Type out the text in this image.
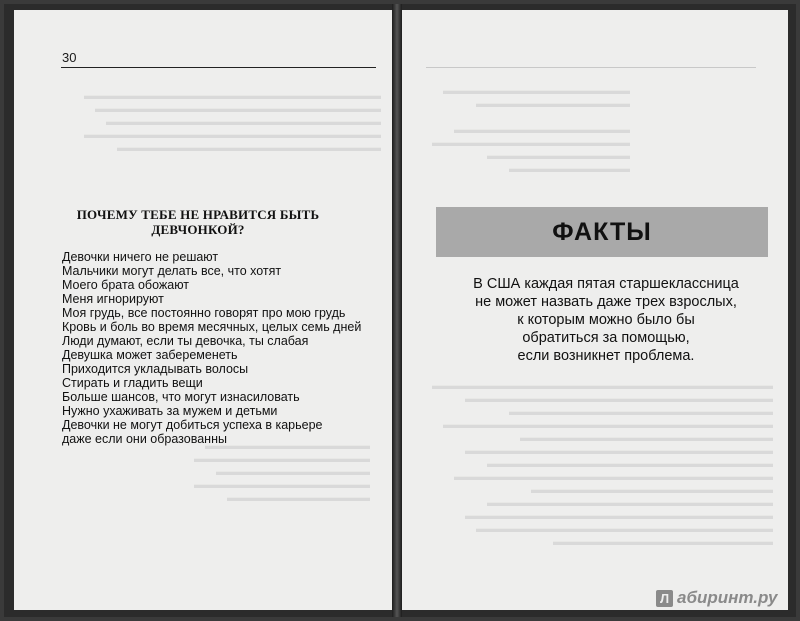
▬▬▬▬▬▬▬▬▬▬▬▬▬▬▬▬▬▬▬▬▬▬▬▬▬▬▬
▬▬▬▬▬▬▬▬▬▬▬▬▬▬▬▬▬▬▬▬▬▬▬▬▬▬
▬▬▬▬▬▬▬▬▬▬▬▬▬▬▬▬▬▬▬▬▬▬▬▬▬
▬▬▬▬▬▬▬▬▬▬▬▬▬▬▬▬▬▬▬▬▬▬▬▬▬▬▬
▬▬▬▬▬▬▬▬▬▬▬▬▬▬▬▬▬▬▬▬▬▬▬▬
30
ПОЧЕМУ ТЕБЕ НЕ НРАВИТСЯ БЫТЬ ДЕВЧОНКОЙ?
Девочки ничего не решают
Мальчики могут делать все, что хотят
Моего брата обожают
Меня игнорируют
Моя грудь, все постоянно говорят про мою грудь
Кровь и боль во время месячных, целых семь дней
Люди думают, если ты девочка, ты слабая
Девушка может забеременеть
Приходится укладывать волосы
Стирать и гладить вещи
Больше шансов, что могут изнасиловать
Нужно ухаживать за мужем и детьми
Девочки не могут добиться успеха в карьере
даже если они образованны
▬▬▬▬▬▬▬▬▬▬▬▬▬▬▬
▬▬▬▬▬▬▬▬▬▬▬▬▬▬▬▬
▬▬▬▬▬▬▬▬▬▬▬▬▬▬
▬▬▬▬▬▬▬▬▬▬▬▬▬▬▬▬
▬▬▬▬▬▬▬▬▬▬▬▬▬
▬▬▬▬▬▬▬▬▬▬▬▬▬▬▬▬▬
▬▬▬▬▬▬▬▬▬▬▬▬▬▬

▬▬▬▬▬▬▬▬▬▬▬▬▬▬▬▬
▬▬▬▬▬▬▬▬▬▬▬▬▬▬▬▬▬▬
▬▬▬▬▬▬▬▬▬▬▬▬▬
▬▬▬▬▬▬▬▬▬▬▬
ФАКТЫ
В США каждая пятая старшеклассница
не может назвать даже трех взрослых,
к которым можно было бы
обратиться за помощью,
если возникнет проблема.
▬▬▬▬▬▬▬▬▬▬▬▬▬▬▬▬▬▬▬▬▬▬▬▬▬▬▬▬▬▬▬
▬▬▬▬▬▬▬▬▬▬▬▬▬▬▬▬▬▬▬▬▬▬▬▬▬▬▬▬
▬▬▬▬▬▬▬▬▬▬▬▬▬▬▬▬▬▬▬▬▬▬▬▬
▬▬▬▬▬▬▬▬▬▬▬▬▬▬▬▬▬▬▬▬▬▬▬▬▬▬▬▬▬▬
▬▬▬▬▬▬▬▬▬▬▬▬▬▬▬▬▬▬▬▬▬▬▬
▬▬▬▬▬▬▬▬▬▬▬▬▬▬▬▬▬▬▬▬▬▬▬▬▬▬▬▬
▬▬▬▬▬▬▬▬▬▬▬▬▬▬▬▬▬▬▬▬▬▬▬▬▬▬
▬▬▬▬▬▬▬▬▬▬▬▬▬▬▬▬▬▬▬▬▬▬▬▬▬▬▬▬▬
▬▬▬▬▬▬▬▬▬▬▬▬▬▬▬▬▬▬▬▬▬▬
▬▬▬▬▬▬▬▬▬▬▬▬▬▬▬▬▬▬▬▬▬▬▬▬▬▬
▬▬▬▬▬▬▬▬▬▬▬▬▬▬▬▬▬▬▬▬▬▬▬▬▬▬▬▬
▬▬▬▬▬▬▬▬▬▬▬▬▬▬▬▬▬▬▬▬▬▬▬▬▬▬▬
▬▬▬▬▬▬▬▬▬▬▬▬▬▬▬▬▬▬▬▬
Л абиринт.ру
